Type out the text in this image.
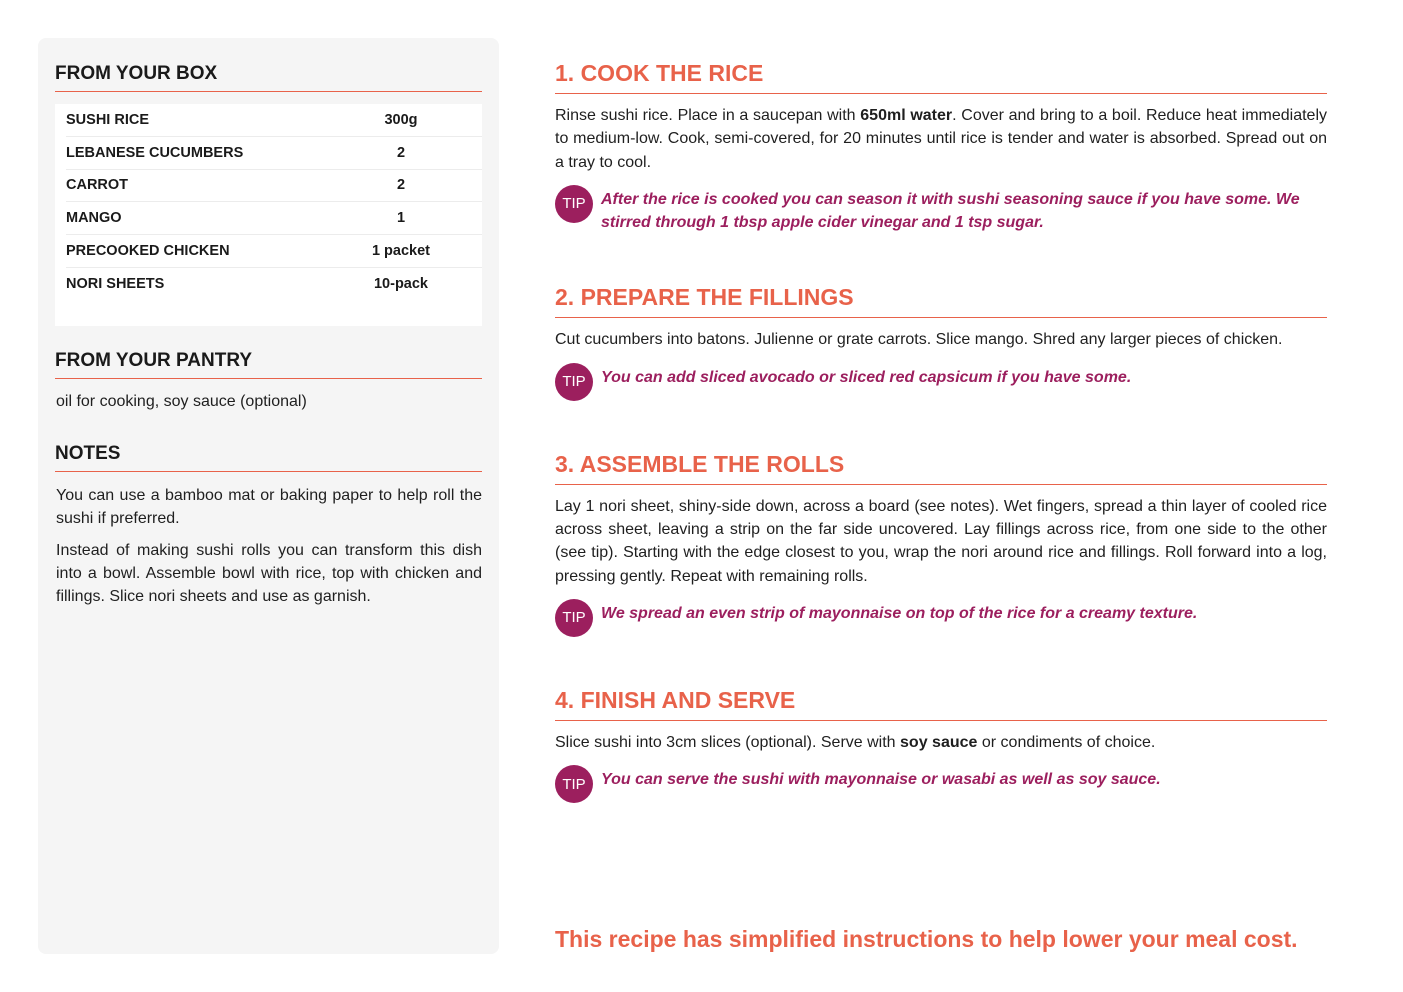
FROM YOUR BOX
SUSHI RICE	300g
LEBANESE CUCUMBERS	2
CARROT	2
MANGO	1
PRECOOKED CHICKEN	1 packet
NORI SHEETS	10-pack
FROM YOUR PANTRY
oil for cooking, soy sauce (optional)
NOTES

You can use a bamboo mat or baking paper to help roll the sushi if preferred.

Instead of making sushi rolls you can transform this dish into a bowl. Assemble bowl with rice, top with chicken and fillings. Slice nori sheets and use as garnish.

1. COOK THE RICE

Rinse sushi rice. Place in a saucepan with 650ml water. Cover and bring to a boil. Reduce heat immediately to medium-low. Cook, semi-covered, for 20 minutes until rice is tender and water is absorbed. Spread out on a tray to cool.

TIP After the rice is cooked you can season it with sushi seasoning sauce if you have some. We stirred through 1 tbsp apple cider vinegar and 1 tsp sugar.
2. PREPARE THE FILLINGS

Cut cucumbers into batons. Julienne or grate carrots. Slice mango. Shred any larger pieces of chicken.

TIP You can add sliced avocado or sliced red capsicum if you have some.
3. ASSEMBLE THE ROLLS

Lay 1 nori sheet, shiny-side down, across a board (see notes). Wet fingers, spread a thin layer of cooled rice across sheet, leaving a strip on the far side uncovered. Lay fillings across rice, from one side to the other (see tip). Starting with the edge closest to you, wrap the nori around rice and fillings. Roll forward into a log, pressing gently. Repeat with remaining rolls.

TIP We spread an even strip of mayonnaise on top of the rice for a creamy texture.
4. FINISH AND SERVE

Slice sushi into 3cm slices (optional). Serve with soy sauce or condiments of choice.

TIP You can serve the sushi with mayonnaise or wasabi as well as soy sauce.
This recipe has simplified instructions to help lower your meal cost.
